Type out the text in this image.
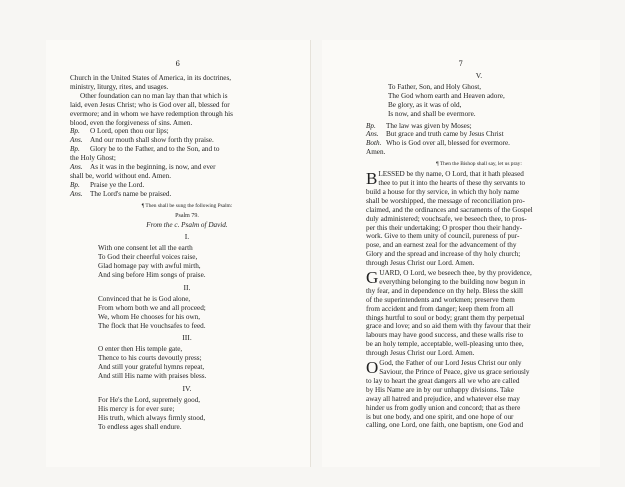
6
Church in the United States of America, in its doctrines,
ministry, liturgy, rites, and usages.
Other foundation can no man lay than that which is
laid, even Jesus Christ; who is God over all, blessed for
evermore; and in whom we have redemption through his
blood, even the forgiveness of sins. Amen.
Bp.	O Lord, open thou our lips;
Ans.	And our mouth shall show forth thy praise.
Bp.	Glory be to the Father, and to the Son, and to
the Holy Ghost;
Ans.	As it was in the beginning, is now, and ever
shall be, world without end. Amen.
Bp.	Praise ye the Lord.
Ans.	The Lord's name be praised.
¶ Then shall be sung the following Psalm:
Psalm 79.
From the c. Psalm of David.
I.
With one consent let all the earth
To God their cheerful voices raise,
Glad homage pay with awful mirth,
And sing before Him songs of praise.
II.
Convinced that he is God alone,
From whom both we and all proceed;
We, whom He chooses for his own,
The flock that He vouchsafes to feed.
III.
O enter then His temple gate,
Thence to his courts devoutly press;
And still your grateful hymns repeat,
And still His name with praises bless.
IV.
For He's the Lord, supremely good,
His mercy is for ever sure;
His truth, which always firmly stood,
To endless ages shall endure.
7
V.
To Father, Son, and Holy Ghost,
The God whom earth and Heaven adore,
Be glory, as it was of old,
Is now, and shall be evermore.
Bp.	The law was given by Moses;
Ans.	But grace and truth came by Jesus Christ
Both. Who is God over all, blessed for evermore.
Amen.
¶ Then the Bishop shall say, let us pray:
B LESSED be thy name, O Lord, that it hath pleased
thee to put it into the hearts of these thy servants to
build a house for thy service, in which thy holy name
shall be worshipped, the message of reconciliation pro-
claimed, and the ordinances and sacraments of the Gospel
duly administered; vouchsafe, we beseech thee, to pros-
per this their undertaking; O prosper thou their handy-
work. Give to them unity of council, pureness of pur-
pose, and an earnest zeal for the advancement of thy
Glory and the spread and increase of thy holy church;
through Jesus Christ our Lord. Amen.
G UARD, O Lord, we beseech thee, by thy providence,
everything belonging to the building now begun in
thy fear, and in dependence on thy help. Bless the skill
of the superintendents and workmen; preserve them
from accident and from danger; keep them from all
things hurtful to soul or body; grant them thy perpetual
grace and love; and so aid them with thy favour that their
labours may have good success, and these walls rise to
be an holy temple, acceptable, well-pleasing unto thee,
through Jesus Christ our Lord. Amen.
O God, the Father of our Lord Jesus Christ our only
Saviour, the Prince of Peace, give us grace seriously
to lay to heart the great dangers all we who are called
by His Name are in by our unhappy divisions. Take
away all hatred and prejudice, and whatever else may
hinder us from godly union and concord; that as there
is but one body, and one spirit, and one hope of our
calling, one Lord, one faith, one baptism, one God and
